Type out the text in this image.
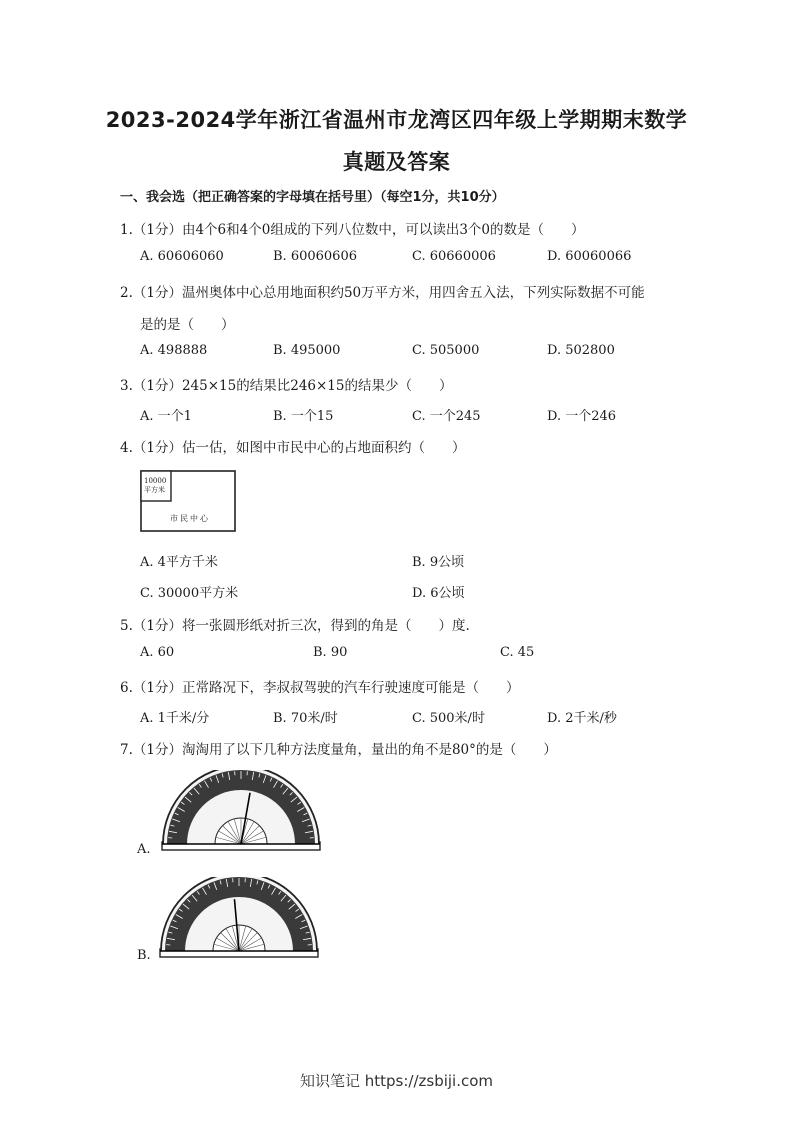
2023-2024学年浙江省温州市龙湾区四年级上学期期末数学
真题及答案
一、我会选（把正确答案的字母填在括号里）（每空1分，共10分）
1.（1分）由4个6和4个0组成的下列八位数中，可以读出3个0的数是（　　）
A. 60606060	B. 60060606	C. 60660006	D. 60060066
2.（1分）温州奥体中心总用地面积约50万平方米，用四舍五入法，下列实际数据不可能
是的是（　　）
A. 498888	B. 495000	C. 505000	D. 502800
3.（1分）245×15的结果比246×15的结果少（　　）
A. 一个1	B. 一个15	C. 一个245	D. 一个246
4.（1分）估一估，如图中市民中心的占地面积约（　　）
10000
平方米
市民中心
A. 4平方千米	B. 9公顷
C. 30000平方米	D. 6公顷
5.（1分）将一张圆形纸对折三次，得到的角是（　　）度.
A. 60	B. 90	C. 45
6.（1分）正常路况下，李叔叔驾驶的汽车行驶速度可能是（　　）
A. 1千米/分	B. 70米/时	C. 500米/时	D. 2千米/秒
7.（1分）淘淘用了以下几种方法度量角，量出的角不是80°的是（　　）
A.
B.
知识笔记 https://zsbiji.com
